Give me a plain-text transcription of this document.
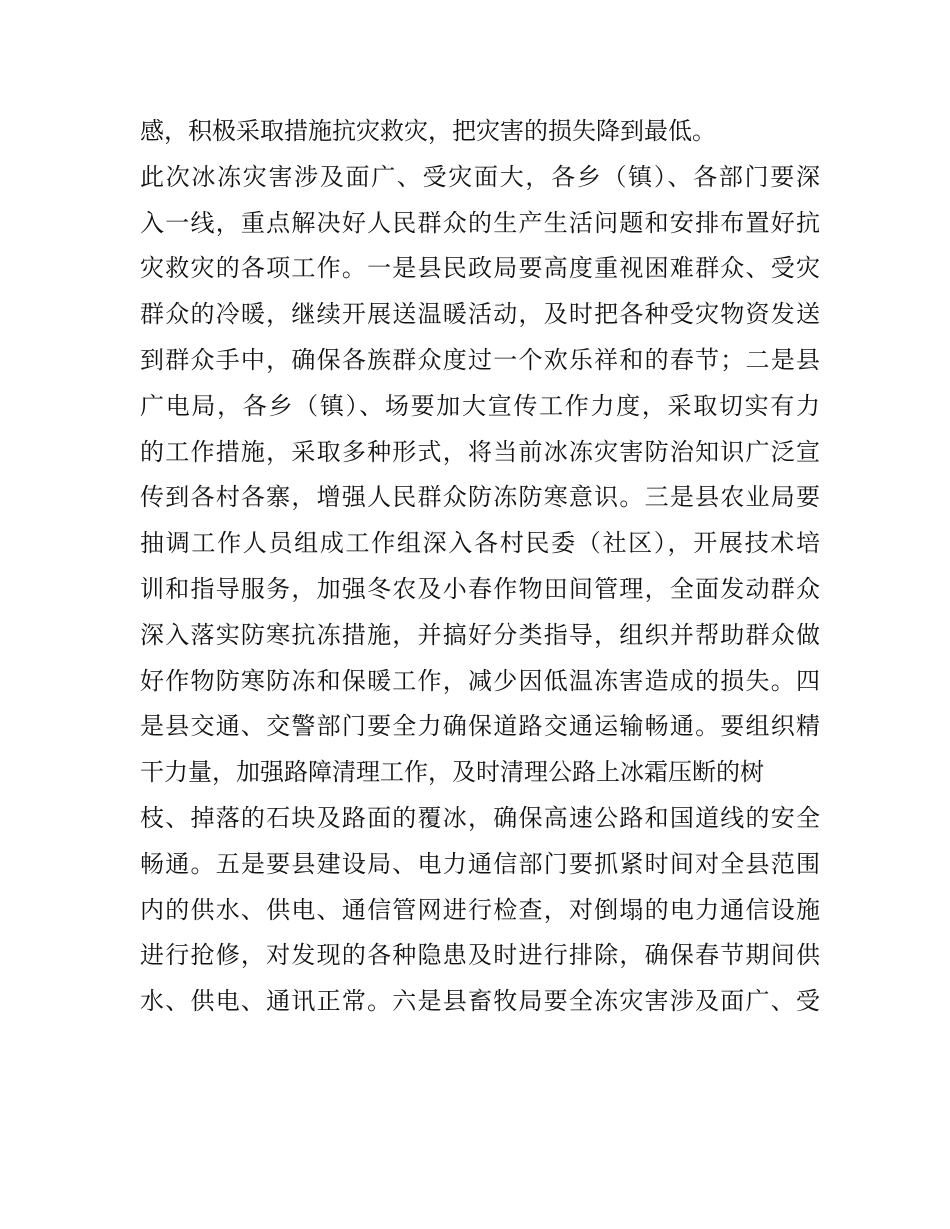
感，积极采取措施抗灾救灾，把灾害的损失降到最低。
此次冰冻灾害涉及面广、受灾面大，各乡（镇）、各部门要深
入一线，重点解决好人民群众的生产生活问题和安排布置好抗
灾救灾的各项工作。一是县民政局要高度重视困难群众、受灾
群众的冷暖，继续开展送温暖活动，及时把各种受灾物资发送
到群众手中，确保各族群众度过一个欢乐祥和的春节；二是县
广电局，各乡（镇）、场要加大宣传工作力度，采取切实有力
的工作措施，采取多种形式，将当前冰冻灾害防治知识广泛宣
传到各村各寨，增强人民群众防冻防寒意识。三是县农业局要
抽调工作人员组成工作组深入各村民委（社区），开展技术培
训和指导服务，加强冬农及小春作物田间管理，全面发动群众
深入落实防寒抗冻措施，并搞好分类指导，组织并帮助群众做
好作物防寒防冻和保暖工作，减少因低温冻害造成的损失。四
是县交通、交警部门要全力确保道路交通运输畅通。要组织精
干力量，加强路障清理工作，及时清理公路上冰霜压断的树
枝、掉落的石块及路面的覆冰，确保高速公路和国道线的安全
畅通。五是要县建设局、电力通信部门要抓紧时间对全县范围
内的供水、供电、通信管网进行检查，对倒塌的电力通信设施
进行抢修，对发现的各种隐患及时进行排除，确保春节期间供
水、供电、通讯正常。六是县畜牧局要全冻灾害涉及面广、受
